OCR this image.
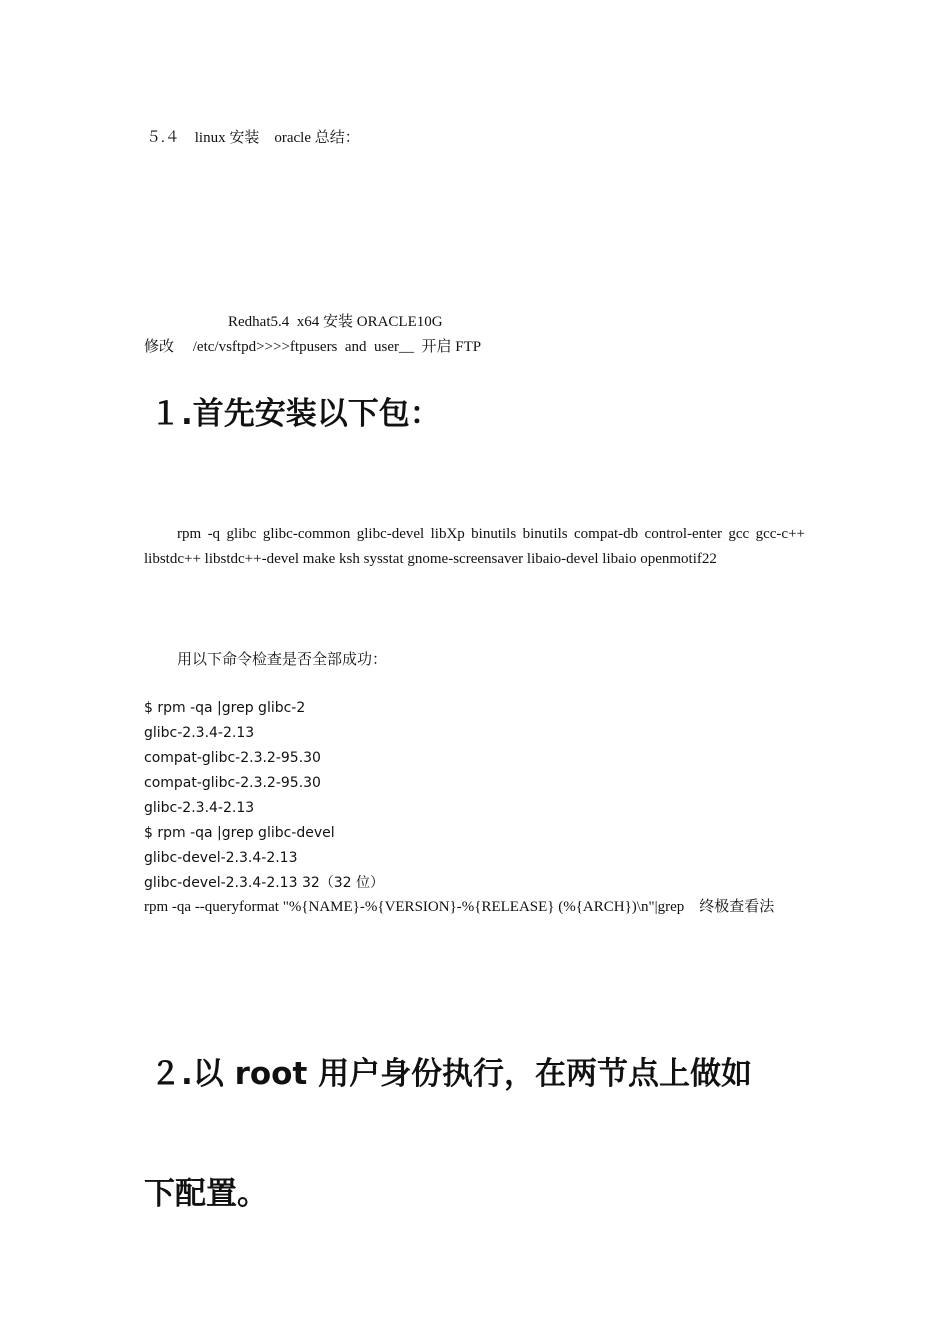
５.４　linux 安装　oracle 总结：
Redhat5.4  x64 安装 ORACLE10G
修改　 /etc/vsftpd>>>>ftpusers  and  user__  开启 FTP
１.首先安装以下包：
rpm -q glibc glibc-common glibc-devel libXp binutils binutils compat-db control-enter gcc gcc-c++ libstdc++ libstdc++-devel make ksh sysstat gnome-screensaver libaio-devel libaio openmotif22
用以下命令检查是否全部成功：
$ rpm -qa |grep glibc-2
glibc-2.3.4-2.13
compat-glibc-2.3.2-95.30
compat-glibc-2.3.2-95.30
glibc-2.3.4-2.13
$ rpm -qa |grep glibc-devel
glibc-devel-2.3.4-2.13
glibc-devel-2.3.4-2.13 32（32 位）
rpm -qa --queryformat "%{NAME}-%{VERSION}-%{RELEASE} (%{ARCH})\n"|grep　终极查看法
２.以 root 用户身份执行，在两节点上做如
下配置。
